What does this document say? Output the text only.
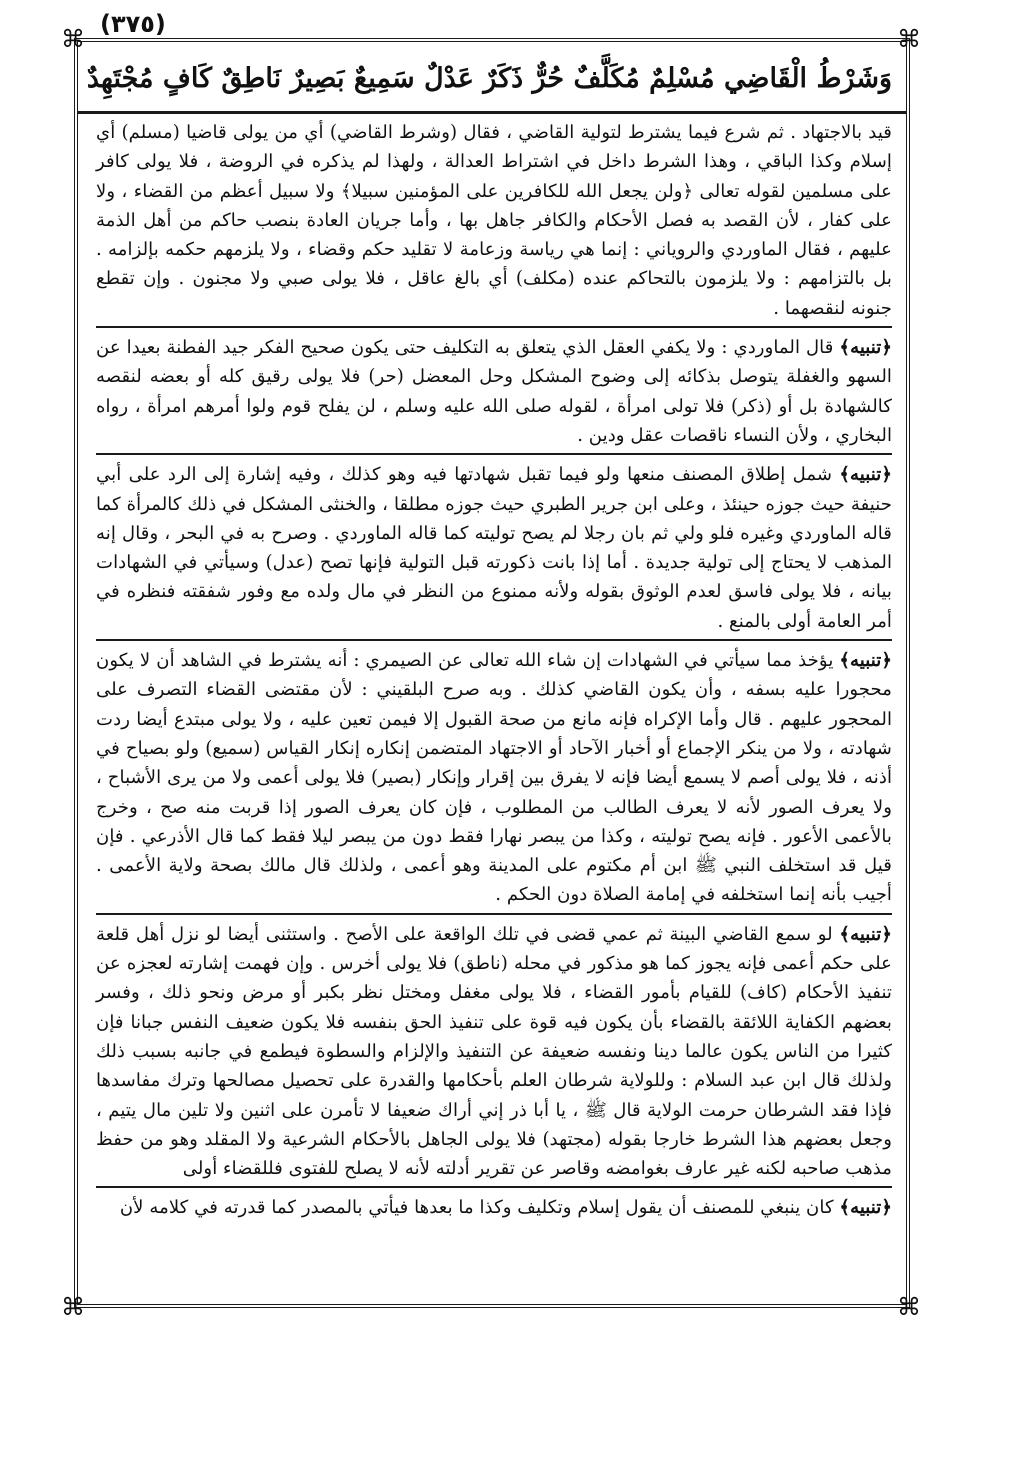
(٣٧٥)
⌘	⌘
⌘	⌘
وَشَرْطُ الْقَاضِي مُسْلِمٌ مُكَلَّفٌ حُرٌّ ذَكَرٌ عَدْلٌ سَمِيعٌ بَصِيرٌ نَاطِقٌ كَافٍ مُجْتَهِدٌ

قيد بالاجتهاد . ثم شرع فيما يشترط لتولية القاضي ، فقال (وشرط القاضي) أي من يولى قاضيا (مسلم) أي إسلام وكذا الباقي ، وهذا الشرط داخل في اشتراط العدالة ، ولهذا لم يذكره في الروضة ، فلا يولى كافر على مسلمين لقوله تعالى ﴿ولن يجعل الله للكافرين على المؤمنين سبيلا﴾ ولا سبيل أعظم من القضاء ، ولا على كفار ، لأن القصد به فصل الأحكام والكافر جاهل بها ، وأما جريان العادة بنصب حاكم من أهل الذمة عليهم ، فقال الماوردي والروياني : إنما هي رياسة وزعامة لا تقليد حكم وقضاء ، ولا يلزمهم حكمه بإلزامه . بل بالتزامهم : ولا يلزمون بالتحاكم عنده (مكلف) أي بالغ عاقل ، فلا يولى صبي ولا مجنون . وإن تقطع جنونه لنقصهما .

﴿تنبيه﴾ قال الماوردي : ولا يكفي العقل الذي يتعلق به التكليف حتى يكون صحيح الفكر جيد الفطنة بعيدا عن السهو والغفلة يتوصل بذكائه إلى وضوح المشكل وحل المعضل (حر) فلا يولى رقيق كله أو بعضه لنقصه كالشهادة بل أو (ذكر) فلا تولى امرأة ، لقوله صلى الله عليه وسلم ، لن يفلح قوم ولوا أمرهم امرأة ، رواه البخاري ، ولأن النساء ناقصات عقل ودين .

﴿تنبيه﴾ شمل إطلاق المصنف منعها ولو فيما تقبل شهادتها فيه وهو كذلك ، وفيه إشارة إلى الرد على أبي حنيفة حيث جوزه حينئذ ، وعلى ابن جرير الطبري حيث جوزه مطلقا ، والخنثى المشكل في ذلك كالمرأة كما قاله الماوردي وغيره فلو ولي ثم بان رجلا لم يصح توليته كما قاله الماوردي . وصرح به في البحر ، وقال إنه المذهب لا يحتاج إلى تولية جديدة . أما إذا بانت ذكورته قبل التولية فإنها تصح (عدل) وسيأتي في الشهادات بيانه ، فلا يولى فاسق لعدم الوثوق بقوله ولأنه ممنوع من النظر في مال ولده مع وفور شفقته فنظره في أمر العامة أولى بالمنع .

﴿تنبيه﴾ يؤخذ مما سيأتي في الشهادات إن شاء الله تعالى عن الصيمري : أنه يشترط في الشاهد أن لا يكون محجورا عليه بسفه ، وأن يكون القاضي كذلك . وبه صرح البلقيني : لأن مقتضى القضاء التصرف على المحجور عليهم . قال وأما الإكراه فإنه مانع من صحة القبول إلا فيمن تعين عليه ، ولا يولى مبتدع أيضا ردت شهادته ، ولا من ينكر الإجماع أو أخبار الآحاد أو الاجتهاد المتضمن إنكاره إنكار القياس (سميع) ولو بصياح في أذنه ، فلا يولى أصم لا يسمع أيضا فإنه لا يفرق بين إقرار وإنكار (بصير) فلا يولى أعمى ولا من يرى الأشباح ، ولا يعرف الصور لأنه لا يعرف الطالب من المطلوب ، فإن كان يعرف الصور إذا قربت منه صح ، وخرج بالأعمى الأعور . فإنه يصح توليته ، وكذا من يبصر نهارا فقط دون من يبصر ليلا فقط كما قال الأذرعي . فإن قيل قد استخلف النبي ﷺ ابن أم مكتوم على المدينة وهو أعمى ، ولذلك قال مالك بصحة ولاية الأعمى . أجيب بأنه إنما استخلفه في إمامة الصلاة دون الحكم .

﴿تنبيه﴾ لو سمع القاضي البينة ثم عمي قضى في تلك الواقعة على الأصح . واستثنى أيضا لو نزل أهل قلعة على حكم أعمى فإنه يجوز كما هو مذكور في محله (ناطق) فلا يولى أخرس . وإن فهمت إشارته لعجزه عن تنفيذ الأحكام (كاف) للقيام بأمور القضاء ، فلا يولى مغفل ومختل نظر بكبر أو مرض ونحو ذلك ، وفسر بعضهم الكفاية اللائقة بالقضاء بأن يكون فيه قوة على تنفيذ الحق بنفسه فلا يكون ضعيف النفس جبانا فإن كثيرا من الناس يكون عالما دينا ونفسه ضعيفة عن التنفيذ والإلزام والسطوة فيطمع في جانبه بسبب ذلك ولذلك قال ابن عبد السلام : وللولاية شرطان العلم بأحكامها والقدرة على تحصيل مصالحها وترك مفاسدها فإذا فقد الشرطان حرمت الولاية قال ﷺ ، يا أبا ذر إني أراك ضعيفا لا تأمرن على اثنين ولا تلين مال يتيم ، وجعل بعضهم هذا الشرط خارجا بقوله (مجتهد) فلا يولى الجاهل بالأحكام الشرعية ولا المقلد وهو من حفظ مذهب صاحبه لكنه غير عارف بغوامضه وقاصر عن تقرير أدلته لأنه لا يصلح للفتوى فللقضاء أولى

﴿تنبيه﴾ كان ينبغي للمصنف أن يقول إسلام وتكليف وكذا ما بعدها فيأتي بالمصدر كما قدرته في كلامه لأن
